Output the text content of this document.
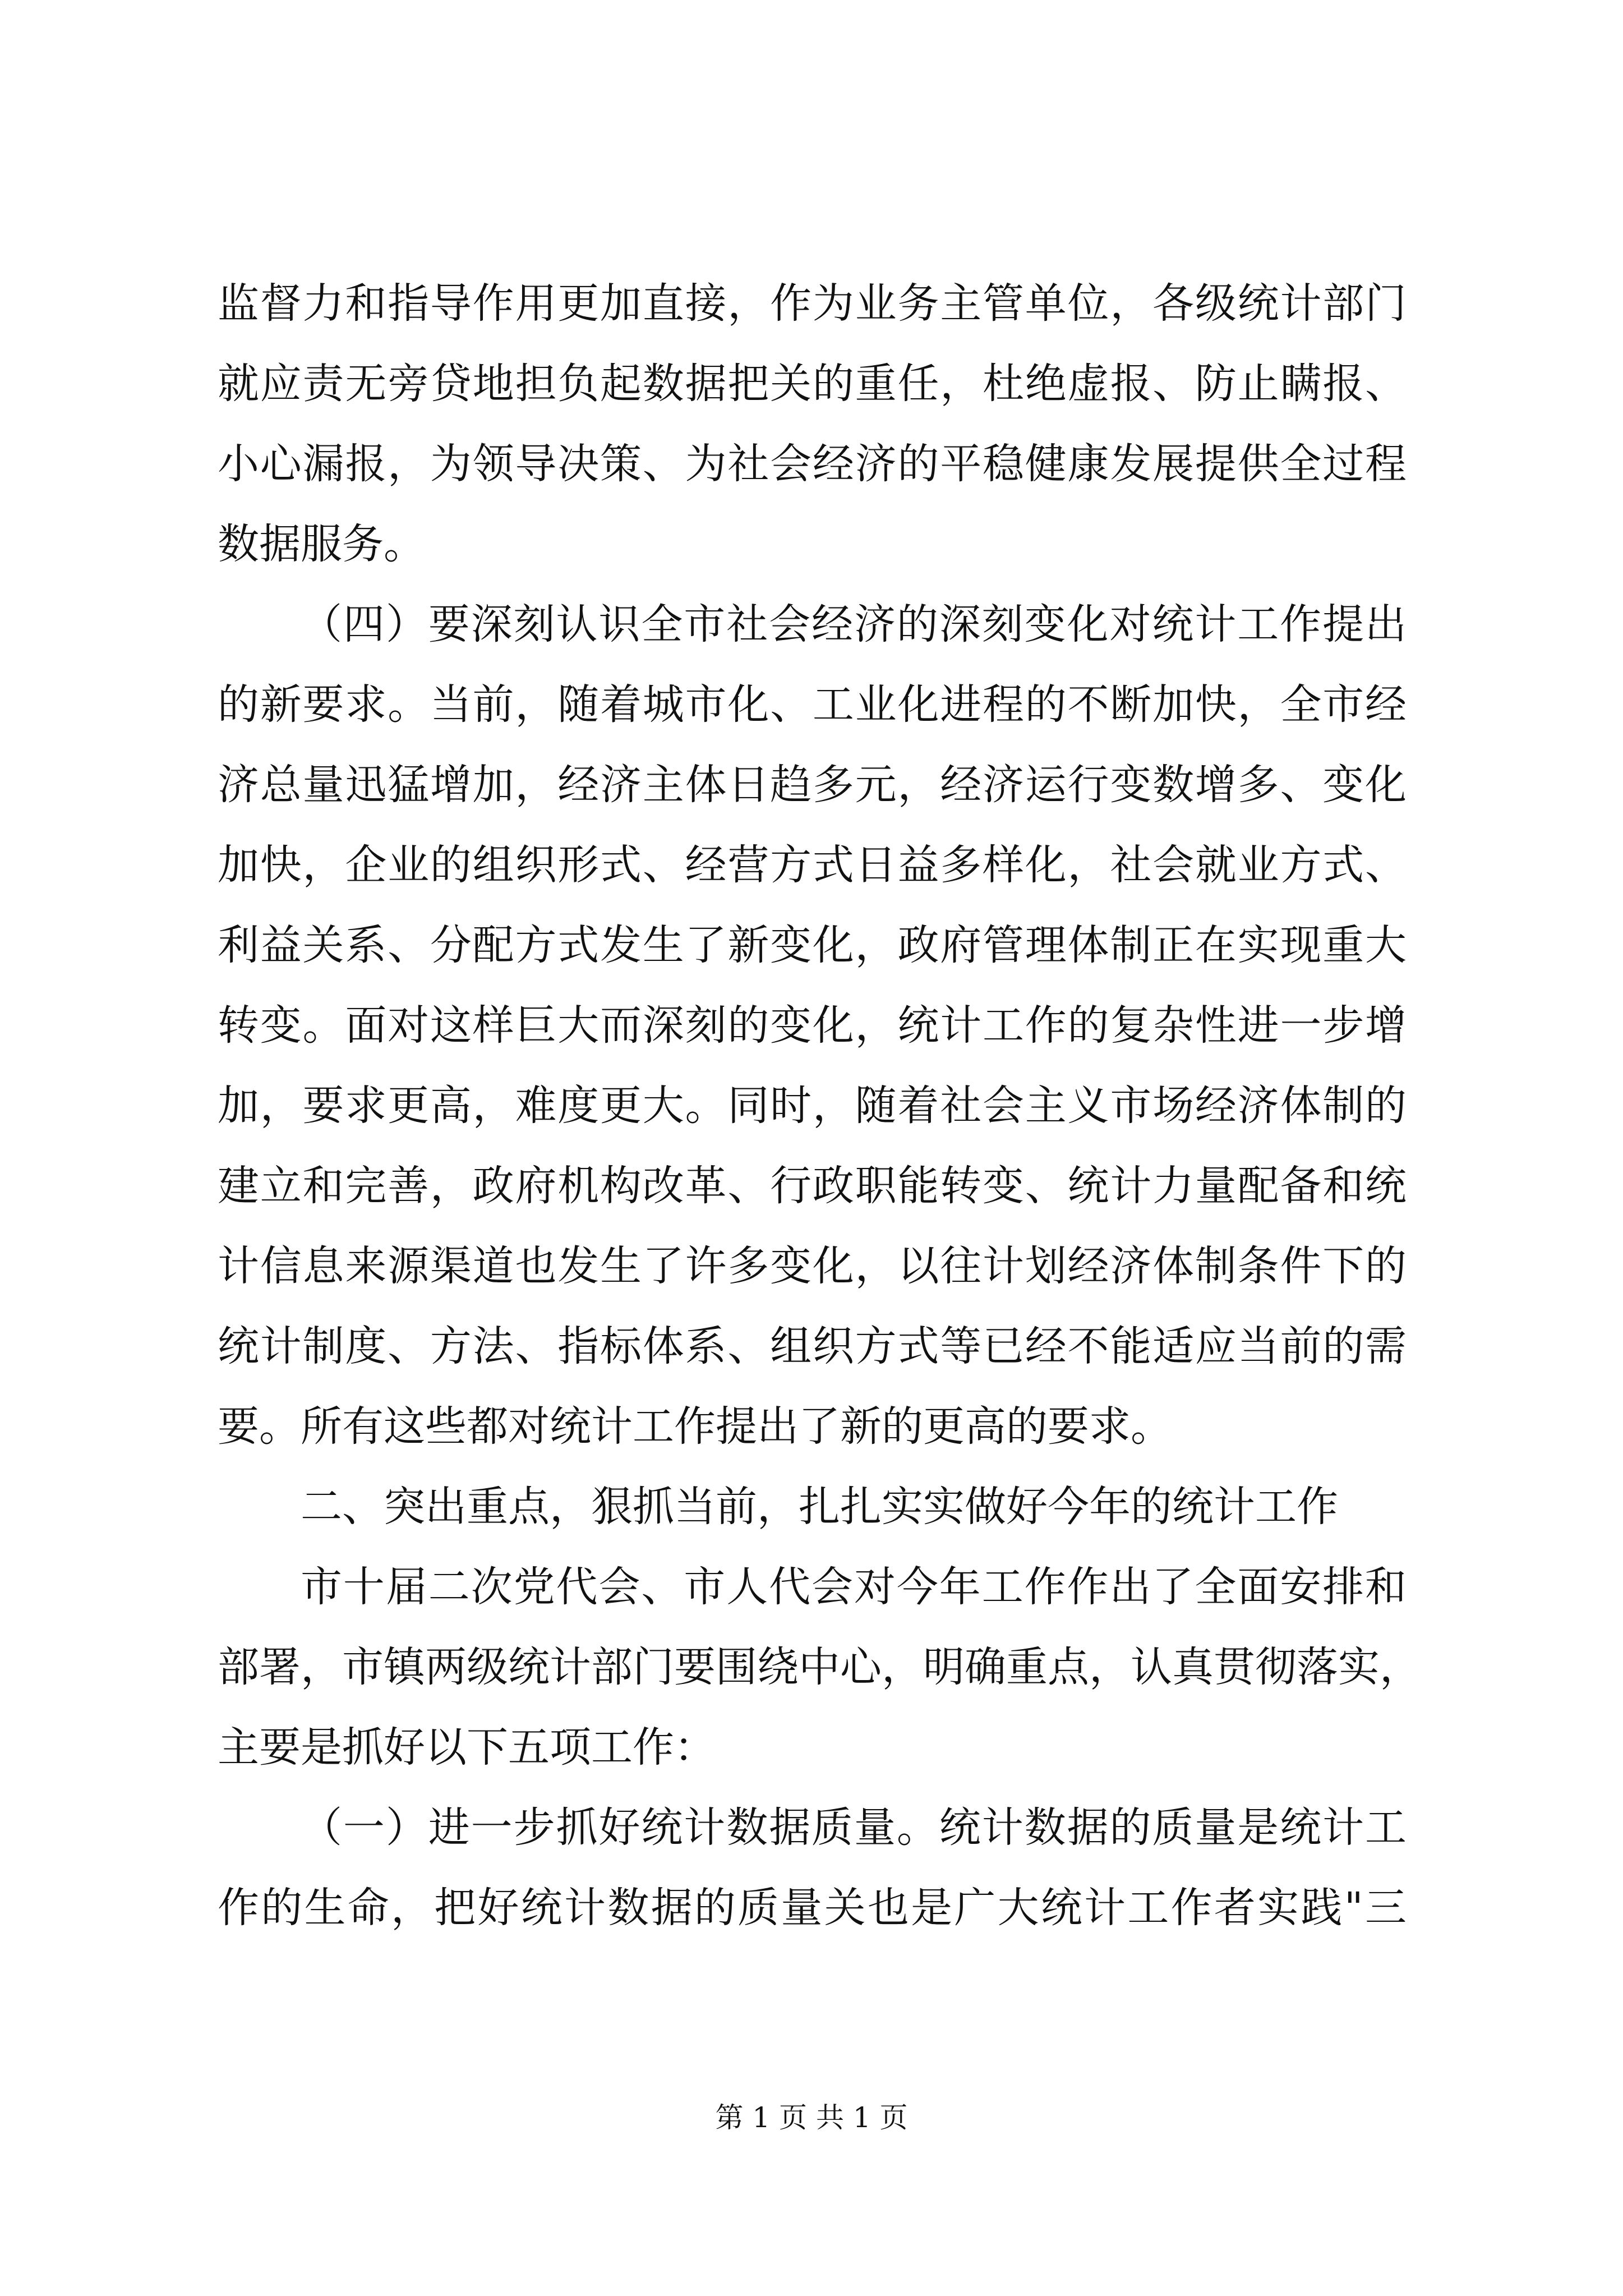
监督力和指导作用更加直接，作为业务主管单位，各级统计部门
就应责无旁贷地担负起数据把关的重任，杜绝虚报、防止瞒报、
小心漏报，为领导决策、为社会经济的平稳健康发展提供全过程
数据服务。
（四）要深刻认识全市社会经济的深刻变化对统计工作提出
的新要求。当前，随着城市化、工业化进程的不断加快，全市经
济总量迅猛增加，经济主体日趋多元，经济运行变数增多、变化
加快，企业的组织形式、经营方式日益多样化，社会就业方式、
利益关系、分配方式发生了新变化，政府管理体制正在实现重大
转变。面对这样巨大而深刻的变化，统计工作的复杂性进一步增
加，要求更高，难度更大。同时，随着社会主义市场经济体制的
建立和完善，政府机构改革、行政职能转变、统计力量配备和统
计信息来源渠道也发生了许多变化，以往计划经济体制条件下的
统计制度、方法、指标体系、组织方式等已经不能适应当前的需
要。所有这些都对统计工作提出了新的更高的要求。
二、突出重点，狠抓当前，扎扎实实做好今年的统计工作
市十届二次党代会、市人代会对今年工作作出了全面安排和
部署，市镇两级统计部门要围绕中心，明确重点，认真贯彻落实，
主要是抓好以下五项工作：
（一）进一步抓好统计数据质量。统计数据的质量是统计工
作的生命，把好统计数据的质量关也是广大统计工作者实践"三
第 1 页 共 1 页
